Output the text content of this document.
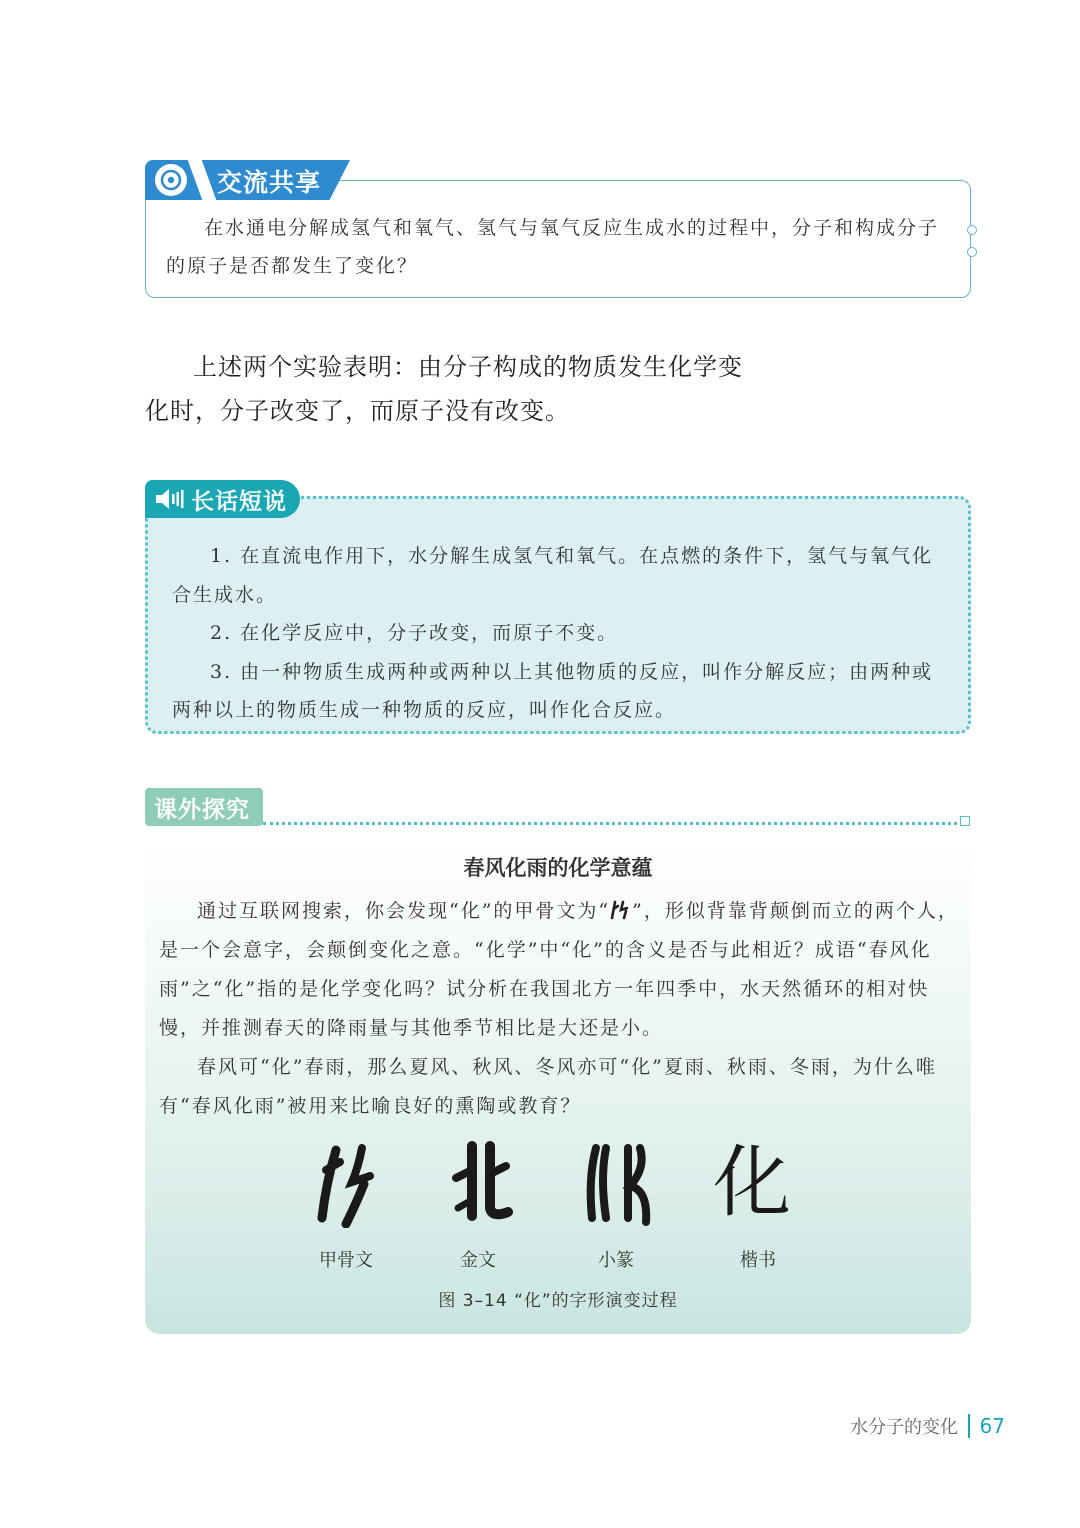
在水通电分解成氢气和氧气、氢气与氧气反应生成水的过程中，分子和构成分子的原子是否都发生了变化？
交流共享
上述两个实验表明：由分子构成的物质发生化学变化时，分子改变了，而原子没有改变。

1. 在直流电作用下，水分解生成氢气和氧气。在点燃的条件下，氢气与氧气化合生成水。

2. 在化学反应中，分子改变，而原子不变。

3. 由一种物质生成两种或两种以上其他物质的反应，叫作分解反应；由两种或两种以上的物质生成一种物质的反应，叫作化合反应。

长话短说
课外探究
春风化雨的化学意蕴

通过互联网搜索，你会发现“化”的甲骨文为“ ”，形似背靠背颠倒而立的两个人，是一个会意字，会颠倒变化之意。“化学”中“化”的含义是否与此相近？成语“春风化雨”之“化”指的是化学变化吗？试分析在我国北方一年四季中，水天然循环的相对快慢，并推测春天的降雨量与其他季节相比是大还是小。

春风可“化”春雨，那么夏风、秋风、冬风亦可“化”夏雨、秋雨、冬雨，为什么唯有“春风化雨”被用来比喻良好的熏陶或教育？

化
甲骨文	金文	小篆	楷书
图 3–14 “化”的字形演变过程
水分子的变化 67
